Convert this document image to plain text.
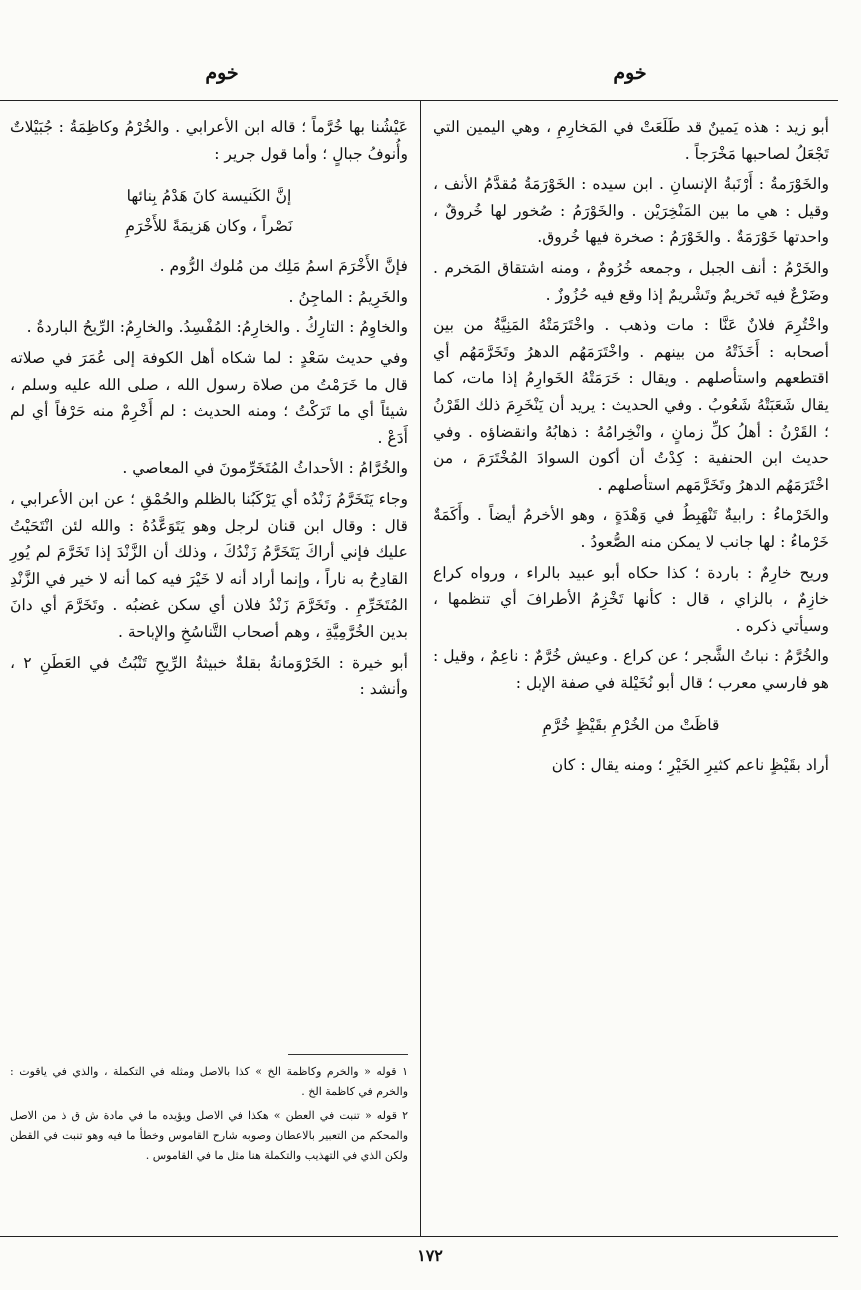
خوم
خوم

أبو زيد : هذه يَمينٌ قد طَلَعَتْ في المَخارِمِ ، وهي اليمين التي تَجْعَلُ لصاحبها مَخْرَجاً .

والخَوْرَمةُ : أَرْنَبةُ الإنسانِ . ابن سيده : الخَوْرَمَةُ مُقدَّمُ الأنف ، وقيل : هي ما بين المَنْخِرَيْن . والخَوْرَمُ : صُخور لها خُروقٌ ، واحدتها خَوْرَمَةٌ . والخَوْرَمُ : صخرة فيها خُروق.

والخَرْمُ : أنف الجبل ، وجمعه خُرُومٌ ، ومنه اشتقاق المَخرم . وضَرْعٌ فيه تَخريمٌ وتَشْريمٌ إذا وقع فيه حُزُوزٌ .

واخْتُرِمَ فلانٌ عَنَّا : مات وذهب . واخْتَرَمَتْهُ المَنِيَّةُ من بين أصحابه : أَخَذَتْهُ من بينهم . واخْتَرَمَهُم الدهرُ وتَخَرَّمَهُم أي اقتطعهم واستأصلهم . ويقال : خَرَمَتْهُ الخَوارِمُ إذا مات، كما يقال شَعَبَتْهُ شَعُوبُ . وفي الحديث : يريد أن يَنْخَرِمَ ذلك القَرْنُ ؛ القَرْنُ : أهلُ كلِّ زمانٍ ، وانْخِرامُهُ : ذهابُهُ وانقضاؤه . وفي حديث ابن الحنفية : كِدْتُ أن أكون السوادَ المُخْتَرَمَ ، من اخْتَرَمَهُم الدهرُ وتَخَرَّمَهم استأصلهم .

والخَرْماءُ : رابيةٌ تَنْهَبِطُ في وَهْدَةٍ ، وهو الأخرمُ أيضاً . وأَكَمَةٌ خَرْماءُ : لها جانب لا يمكن منه الصُّعودُ .

وريح خارِمٌ : باردة ؛ كذا حكاه أبو عبيد بالراء ، ورواه كراع خازِمٌ ، بالزاي ، قال : كأنها تَخْزِمُ الأطرافَ أي تنظمها ، وسيأتي ذكره .

والخُرَّمُ : نباتُ الشَّجر ؛ عن كراع . وعيش خُرَّمٌ : ناعِمٌ ، وقيل : هو فارسي معرب ؛ قال أبو نُخَيْلة في صفة الإبل :

قاظَتْ من الخُرْمِ بقَيْظٍ خُرَّمِ

أراد بقَيْظٍ ناعم كثيرِ الخَيْرِ ؛ ومنه يقال : كان

عَيْشُنا بها خُرَّماً ؛ قاله ابن الأعرابي . والخُرْمُ وكاظِمَةُ : جُبَيْلاتٌ وأُنوفُ جبالٍ ؛ وأما قول جرير :

إنَّ الكَنيسة كانَ هَدْمُ بِنائها
نَصْراً ، وكان هَزيمَةً للأَخْرَمِ

فإنَّ الأَخْرَمَ اسمُ مَلِك من مُلوك الرُّوم .

والخَرِيمُ : الماجِنُ .

والخاوِمُ : التارِكُ . والخارِمُ: المُفْسِدُ. والخارِمُ: الرِّيحُ الباردةُ .

وفي حديث سَعْدٍ : لما شكاه أهل الكوفة إلى عُمَرَ في صلاته قال ما خَرَمْتُ من صلاة رسول الله ، صلى الله عليه وسلم ، شيئاً أي ما تَرَكْتُ ؛ ومنه الحديث : لم أَخْرِمْ منه حَرْفاً أي لم أَدَعْ .

والخُرَّامُ : الأحداثُ المُتَخَرِّمونَ في المعاصي .

وجاء يَتَخَرَّمُ زَنْدُه أي يَرْكَبُنا بالظلم والحُمْقِ ؛ عن ابن الأعرابي ، قال : وقال ابن قنان لرجل وهو يَتَوَعَّدُهُ : والله لئن انْتَحَيْتُ عليك فإني أراكَ يَتَخَرَّمُ زَنْدُكَ ، وذلك أن الزَّنْدَ إذا تَخَرَّمَ لم يُورِ القادِحُ به ناراً ، وإنما أراد أنه لا خَيْرَ فيه كما أنه لا خير في الزَّنْدِ المُتَخَرِّمِ . وتَخَرَّمَ زَنْدُ فلان أي سكن غضبُه . وتَخَرَّمَ أي دانَ بدين الخُرَّمِيَّةِ ، وهم أصحاب التَّناسُخِ والإباحة .

أبو خيرة : الخَرْوَمانةُ بقلةٌ خبيثةُ الرِّيحِ تَنْبُتُ في العَطَنِ ٢ ، وأنشد :

١ قوله « والخرم وكاظمة الخ » كذا بالاصل ومثله في التكملة ، والذي في ياقوت : والخرم في كاظمة الخ .

٢ قوله « تنبت في العطن » هكذا في الاصل ويؤيده ما في مادة ش ق ذ من الاصل والمحكم من التعبير بالاعطان وصوبه شارح القاموس وخطأ ما فيه وهو تنبت في القطن ولكن الذي في التهذيب والتكملة هنا مثل ما في القاموس .

١٧٢
